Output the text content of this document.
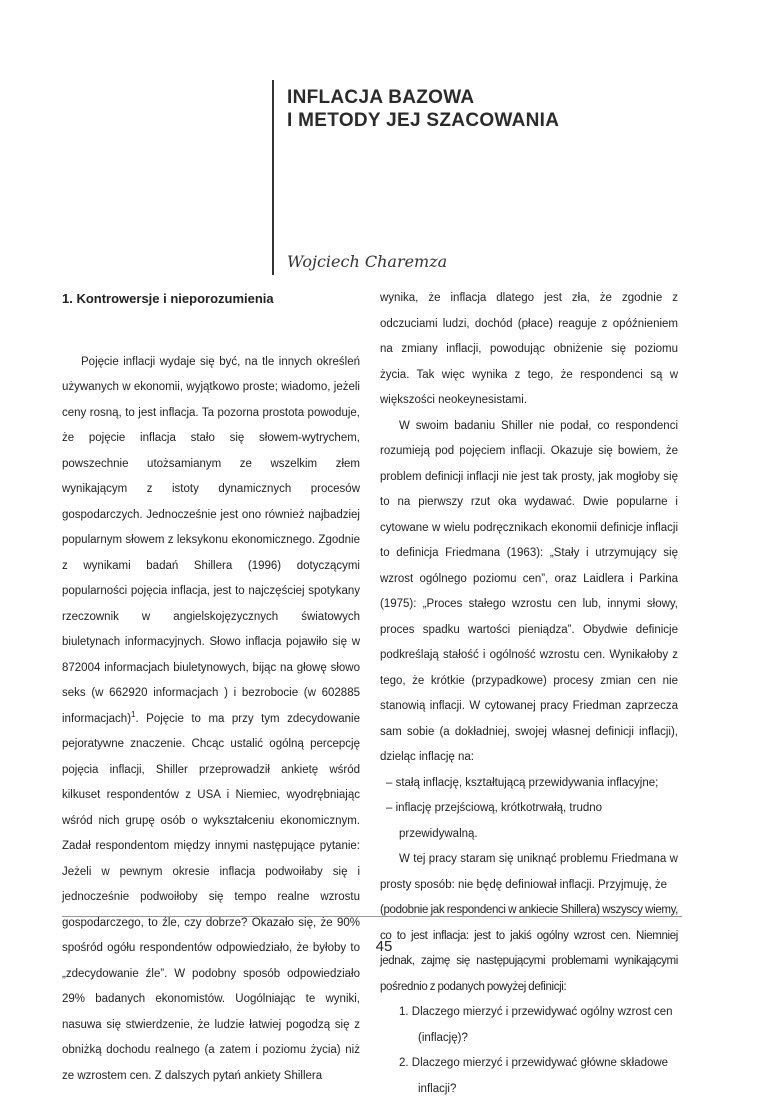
INFLACJA BAZOWA
I METODY JEJ SZACOWANIA

Wojciech Charemza

1. Kontrowersje i nieporozumienia

Pojęcie inflacji wydaje się być, na tle innych określeń używanych w ekonomii, wyjątkowo proste; wiadomo, jeżeli ceny rosną, to jest inflacja. Ta pozorna prostota powoduje, że pojęcie inflacja stało się słowem-wytrychem, powszechnie utożsamianym ze wszelkim złem wynikającym z istoty dynamicznych procesów gospodarczych. Jednocześnie jest ono również najbadziej popularnym słowem z leksykonu ekonomicznego. Zgodnie z wynikami badań Shillera (1996) dotyczącymi popularności pojęcia inflacja, jest to najczęściej spotykany rzeczownik w angielskojęzycznych światowych biuletynach informacyjnych. Słowo inflacja pojawiło się w 872004 informacjach biuletynowych, bijąc na głowę słowo seks (w 662920 informacjach ) i bezrobocie (w 602885 informacjach)$^1$. Pojęcie to ma przy tym zdecydowanie pejoratywne znaczenie. Chcąc ustalić ogólną percepcję pojęcia inflacji, Shiller przeprowadził ankietę wśród kilkuset respondentów z USA i Niemiec, wyodrębniając wśród nich grupę osób o wykształceniu ekonomicznym. Zadał respondentom między innymi następujące pytanie: Jeżeli w pewnym okresie inflacja podwoiłaby się i jednocześnie podwoiłoby się tempo realne wzrostu gospodarczego, to źle, czy dobrze? Okazało się, że 90% spośród ogółu respondentów odpowiedziało, że byłoby to „zdecydowanie źle”. W podobny sposób odpowiedziało 29% badanych ekonomistów. Uogólniając te wyniki, nasuwa się stwierdzenie, że ludzie łatwiej pogodzą się z obniżką dochodu realnego (a zatem i poziomu życia) niż ze wzrostem cen. Z dalszych pytań ankiety Shillera

wynika, że inflacja dlatego jest zła, że zgodnie z odczuciami ludzi, dochód (płace) reaguje z opóźnieniem na zmiany inflacji, powodując obniżenie się poziomu życia. Tak więc wynika z tego, że respondenci są w większości neokeynesistami.

W swoim badaniu Shiller nie podał, co respondenci rozumieją pod pojęciem inflacji. Okazuje się bowiem, że problem definicji inflacji nie jest tak prosty, jak mogłoby się to na pierwszy rzut oka wydawać. Dwie popularne i cytowane w wielu podręcznikach ekonomii definicje inflacji to definicja Friedmana (1963): „Stały i utrzymujący się wzrost ogólnego poziomu cen”, oraz Laidlera i Parkina (1975): „Proces stałego wzrostu cen lub, innymi słowy, proces spadku wartości pieniądza”. Obydwie definicje podkreślają stałość i ogólność wzrostu cen. Wynikałoby z tego, że krótkie (przypadkowe) procesy zmian cen nie stanowią inflacji. W cytowanej pracy Friedman zaprzecza sam sobie (a dokładniej, swojej własnej definicji inflacji), dzieląc inflację na:

– stałą inflację, kształtującą przewidywania inflacyjne;

– inflację przejściową, krótkotrwałą, trudno przewidywalną.

W tej pracy staram się uniknąć problemu Friedmana w prosty sposób: nie będę definiował inflacji. Przyjmuję, że

(podobnie jak respondenci w ankiecie Shillera) wszyscy wiemy, co to jest inflacja: jest to jakiś ogólny wzrost cen. Niemniej jednak, zajmę się następującymi problemami wynikającymi pośrednio z podanych powyżej definicji:

1. Dlaczego mierzyć i przewidywać ogólny wzrost cen (inflację)?

2. Dlaczego mierzyć i przewidywać główne składowe inflacji?

45
